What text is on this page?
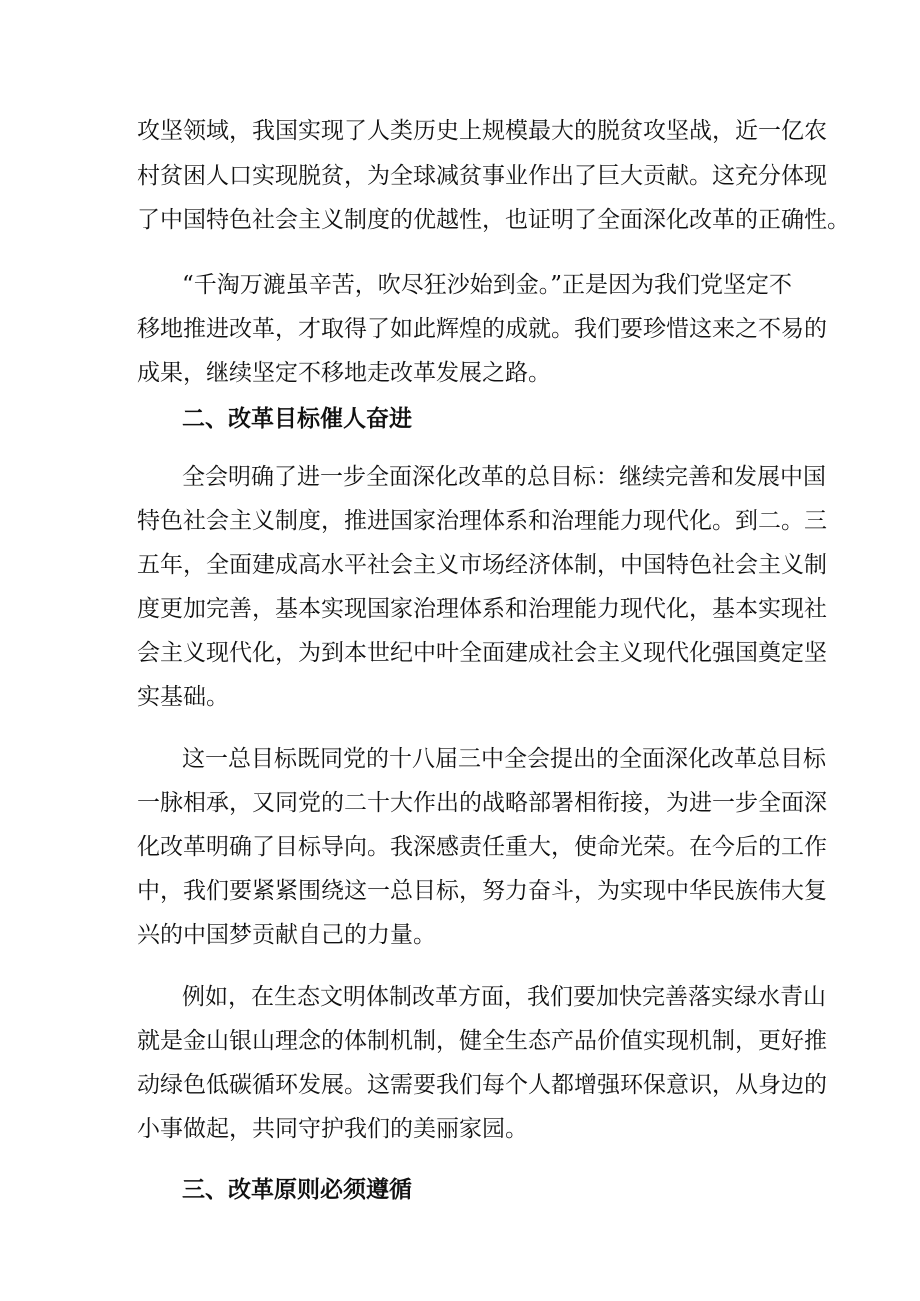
攻坚领域，我国实现了人类历史上规模最大的脱贫攻坚战，近一亿农
村贫困人口实现脱贫，为全球减贫事业作出了巨大贡献。这充分体现
了中国特色社会主义制度的优越性，也证明了全面深化改革的正确性。
“千淘万漉虽辛苦，吹尽狂沙始到金。”正是因为我们党坚定不
移地推进改革，才取得了如此辉煌的成就。我们要珍惜这来之不易的
成果，继续坚定不移地走改革发展之路。
二、改革目标催人奋进
全会明确了进一步全面深化改革的总目标：继续完善和发展中国
特色社会主义制度，推进国家治理体系和治理能力现代化。到二。三
五年，全面建成高水平社会主义市场经济体制，中国特色社会主义制
度更加完善，基本实现国家治理体系和治理能力现代化，基本实现社
会主义现代化，为到本世纪中叶全面建成社会主义现代化强国奠定坚
实基础。
这一总目标既同党的十八届三中全会提出的全面深化改革总目标
一脉相承，又同党的二十大作出的战略部署相衔接，为进一步全面深
化改革明确了目标导向。我深感责任重大，使命光荣。在今后的工作
中，我们要紧紧围绕这一总目标，努力奋斗，为实现中华民族伟大复
兴的中国梦贡献自己的力量。
例如，在生态文明体制改革方面，我们要加快完善落实绿水青山
就是金山银山理念的体制机制，健全生态产品价值实现机制，更好推
动绿色低碳循环发展。这需要我们每个人都增强环保意识，从身边的
小事做起，共同守护我们的美丽家园。
三、改革原则必须遵循
